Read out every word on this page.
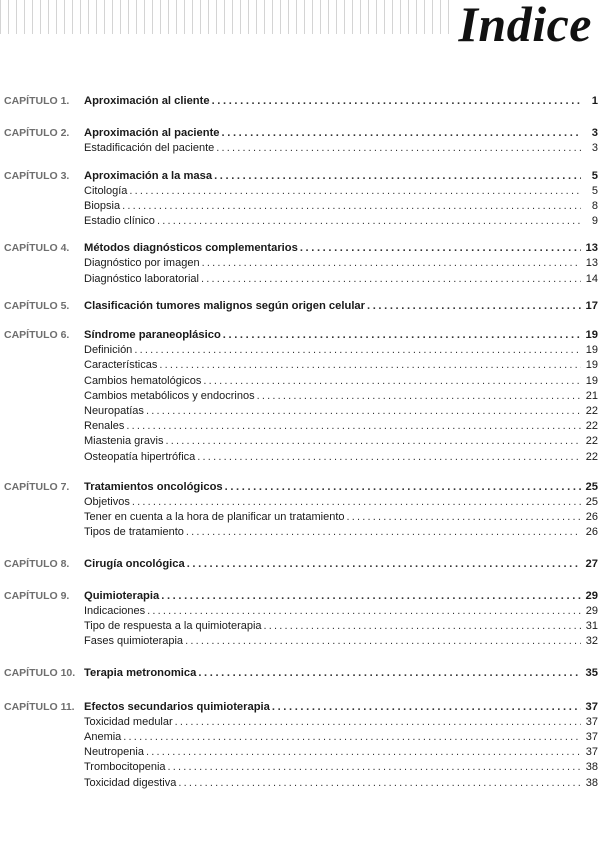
Indice
CAPÍTULO 1.	Aproximación al cliente .....	1
CAPÍTULO 2.	Aproximación al paciente .....	3
Estadificación del paciente .....	3
CAPÍTULO 3.	Aproximación a la masa .....	5
Citología .....	5
Biopsia .....	8
Estadio clínico .....	9
CAPÍTULO 4.	Métodos diagnósticos complementarios .....	13
Diagnóstico por imagen .....	13
Diagnóstico laboratorial .....	14
CAPÍTULO 5.	Clasificación tumores malignos según origen celular .....	17
CAPÍTULO 6.	Síndrome paraneoplásico .....	19
Definición .....	19
Características .....	19
Cambios hematológicos .....	19
Cambios metabólicos y endocrinos .....	21
Neuropatías .....	22
Renales .....	22
Miastenia gravis .....	22
Osteopatía hipertrófica .....	22
CAPÍTULO 7.	Tratamientos oncológicos .....	25
Objetivos .....	25
Tener en cuenta a la hora de planificar un tratamiento .....	26
Tipos de tratamiento .....	26
CAPÍTULO 8.	Cirugía oncológica .....	27
CAPÍTULO 9.	Quimioterapia .....	29
Indicaciones .....	29
Tipo de respuesta a la quimioterapia .....	31
Fases quimioterapia .....	32
CAPÍTULO 10. Terapia metronomica .....	35
CAPÍTULO 11. Efectos secundarios quimioterapia .....	37
Toxicidad medular .....	37
Anemia .....	37
Neutropenia .....	37
Trombocitopenia .....	38
Toxicidad digestiva .....	38
